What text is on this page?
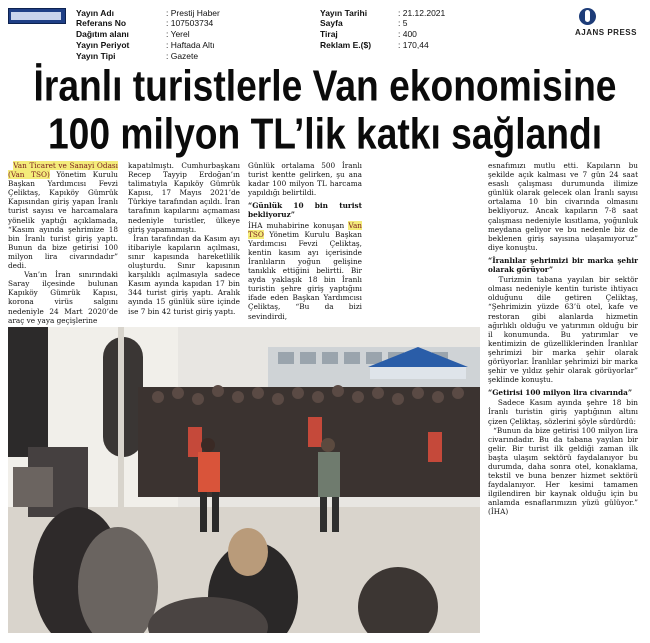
Yayın Adı	: Prestij Haber
Referans No	: 107503734
Dağıtım alanı	: Yerel
Yayın Periyot	: Haftada Altı
Yayın Tipi	: Gazete
Yayın Tarihi	: 21.12.2021
Sayfa	: 5
Tiraj	: 400
Reklam E.($)	: 170,44
AJANS PRESS
İranlı turistlerle Van ekonomisine
100 milyon TL’lik katkı sağlandı

Van Ticaret ve Sanayi Odası (Van TSO) Yönetim Kurulu Başkan Yardımcısı Fevzi Çeliktaş, Kapıköy Gümrük Kapısından giriş yapan İranlı turist sayısı ve harcamalara yönelik yaptığı açıklamada, “Kasım ayında şehrimize 18 bin İranlı turist giriş yaptı. Bunun da bize getirisi 100 milyon lira civarındadır” dedi.

Van’ın İran sınırındaki Saray ilçesinde bulunan Kapıköy Gümrük Kapısı, korona virüs salgını nedeniyle 24 Mart 2020’de araç ve yaya geçişlerine

kapatılmıştı. Cumhurbaşkanı Recep Tayyip Erdoğan’ın talimatıyla Kapıköy Gümrük Kapısı, 17 Mayıs 2021’de Türkiye tarafından açıldı. İran tarafının kapılarını açmaması nedeniyle turistler, ülkeye giriş yapamamıştı.

İran tarafından da Kasım ayı itibariyle kapıların açılması, sınır kapısında hareketlilik oluşturdu. Sınır kapısının karşılıklı açılmasıyla sadece Kasım ayında kapıdan 17 bin 344 turist giriş yaptı. Aralık ayında 15 günlük süre içinde ise 7 bin 42 turist giriş yaptı.

Günlük ortalama 500 İranlı turist kentte gelirken, şu ana kadar 100 milyon TL harcama yapıldığı belirtildi.

“Günlük 10 bin turist bekliyoruz”

İHA muhabirine konuşan Van TSO Yönetim Kurulu Başkan Yardımcısı Fevzi Çeliktaş, kentin kasım ayı içerisinde İranlıların yoğun gelişine tanıklık ettiğini belirtti. Bir ayda yaklaşık 18 bin İranlı turistin şehre giriş yaptığını ifade eden Başkan Yardımcısı Çeliktaş, “Bu da bizi sevindirdi,

esnafımızı mutlu etti. Kapıların bu şekilde açık kalması ve 7 gün 24 saat esaslı çalışması durumunda ilimize günlük olarak gelecek olan İranlı sayısı ortalama 10 bin civarında olmasını bekliyoruz. Ancak kapıların 7-8 saat çalışması nedeniyle kısıtlama, yoğunluk meydana geliyor ve bu nedenle biz de beklenen giriş sayısına ulaşamıyoruz” diye konuştu.

“İranlılar şehrimizi bir marka şehir olarak görüyor”

Turizmin tabana yayılan bir sektör olması nedeniyle kentin turiste ihtiyacı olduğunu dile getiren Çeliktaş, “Şehrimizin yüzde 63’ü otel, kafe ve restoran gibi alanlarda hizmetin ağırlıklı olduğu ve yatırımın olduğu bir il konumunda. Bu yatırımlar ve kentimizin de güzelliklerinden İranlılar şehrimizi bir marka şehir olarak görüyorlar. İranlılar şehrimizi bir marka şehir ve yıldız şehir olarak görüyorlar” şeklinde konuştu.

“Getirisi 100 milyon lira civarında”

Sadece Kasım ayında şehre 18 bin İranlı turistin giriş yaptığının altını çizen Çeliktaş, sözlerini şöyle sürdürdü:

“Bunun da bize getirisi 100 milyon lira civarındadır. Bu da tabana yayılan bir gelir. Bir turist ilk geldiği zaman ilk başta ulaşım sektörü faydalanıyor bu durumda, daha sonra otel, konaklama, tekstil ve buna benzer hizmet sektörü faydalanıyor. Her kesimi tamamen ilgilendiren bir kaynak olduğu için bu anlamda esnaflarımızın yüzü gülüyor.” (İHA)
